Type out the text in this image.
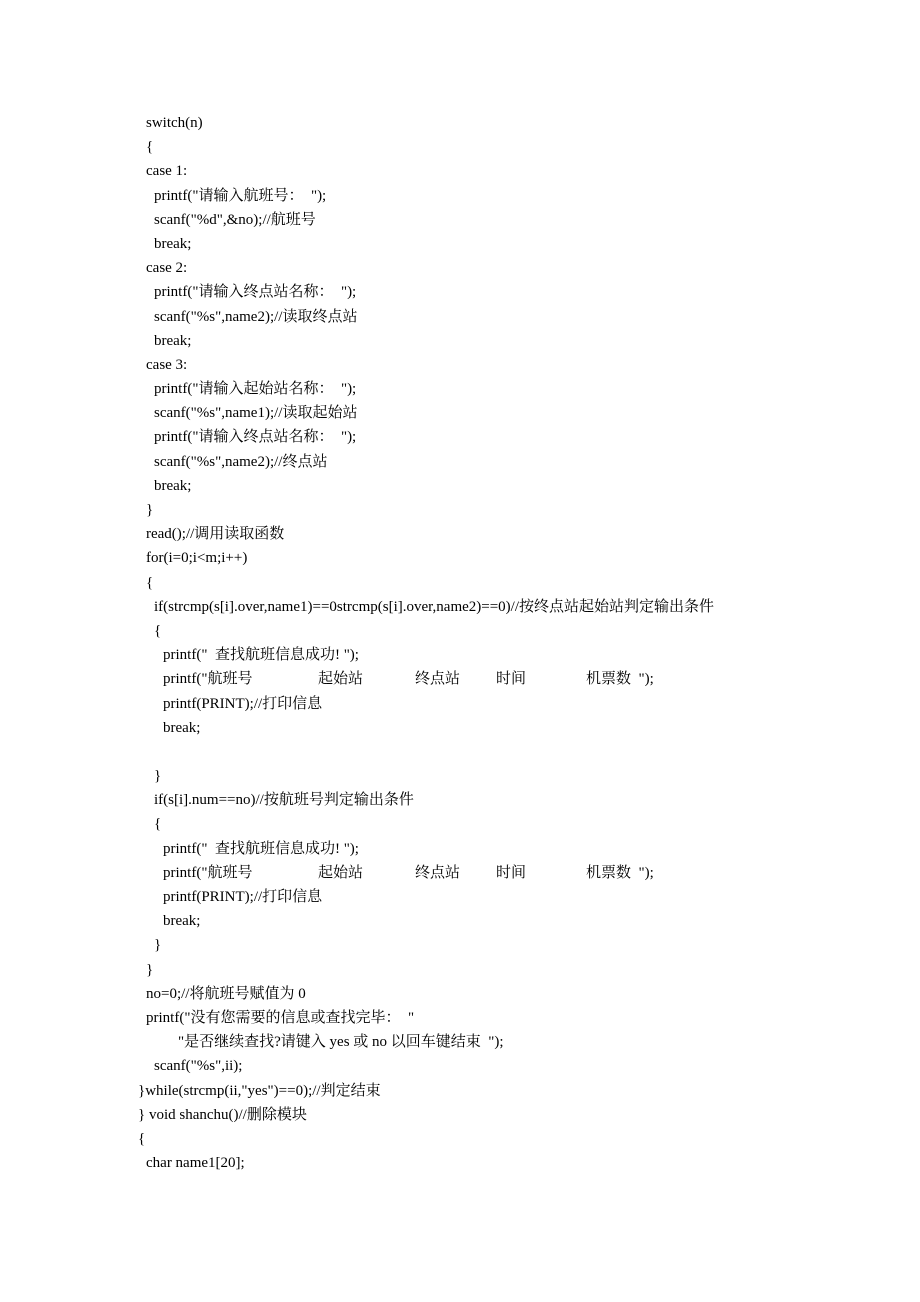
switch(n)
{
case 1:
printf("请输入航班号：  ");
scanf("%d",&no);//航班号
break;
case 2:
printf("请输入终点站名称：  ");
scanf("%s",name2);//读取终点站
break;
case 3:
printf("请输入起始站名称：  ");
scanf("%s",name1);//读取起始站
printf("请输入终点站名称：  ");
scanf("%s",name2);//终点站
break;
}
read();//调用读取函数
for(i=0;i<m;i++)
{
if(strcmp(s[i].over,name1)==0strcmp(s[i].over,name2)==0)//按终点站起始站判定输出条件
{
printf("  查找航班信息成功! ");

printf("航班号

	起始站

	终点站

时间

	机票数  ");

printf(PRINT);//打印信息
break;
}
if(s[i].num==no)//按航班号判定输出条件
{
printf("  查找航班信息成功! ");

printf("航班号

	起始站

	终点站

时间

	机票数  ");

printf(PRINT);//打印信息
break;
}
}
no=0;//将航班号赋值为 0
printf("没有您需要的信息或查找完毕：  "
"是否继续查找?请键入 yes 或 no 以回车键结束  ");
scanf("%s",ii);
}while(strcmp(ii,"yes")==0);//判定结束
} void shanchu()//删除模块
{
char name1[20];
